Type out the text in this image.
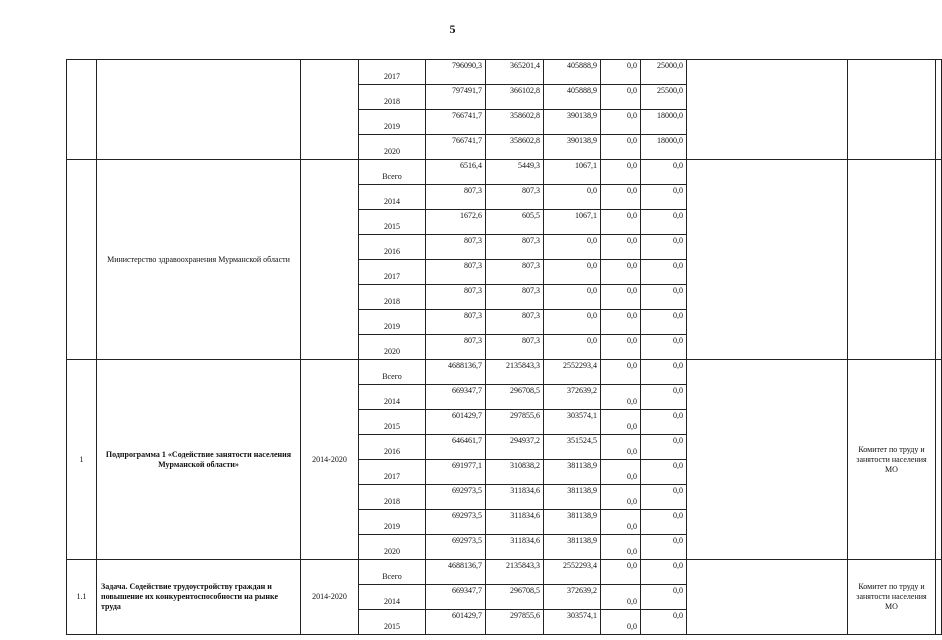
5
			2017	796090,3	365201,4	405888,9	0,0	25000,0			
			2018	797491,7	366102,8	405888,9	0,0	25500,0			
			2019	766741,7	358602,8	390138,9	0,0	18000,0			
			2020	766741,7	358602,8	390138,9	0,0	18000,0			
	Министерство здравоохранения Мурманской области		Всего	6516,4	5449,3	1067,1	0,0	0,0			
			2014	807,3	807,3	0,0	0,0	0,0			
			2015	1672,6	605,5	1067,1	0,0	0,0			
			2016	807,3	807,3	0,0	0,0	0,0			
			2017	807,3	807,3	0,0	0,0	0,0			
			2018	807,3	807,3	0,0	0,0	0,0			
			2019	807,3	807,3	0,0	0,0	0,0			
			2020	807,3	807,3	0,0	0,0	0,0			
1	Подпрограмма 1 «Содействие занятости населения Мурманской области»	2014-2020	Всего	4688136,7	2135843,3	2552293,4	0,0	0,0		Комитет по труду и занятости населения МО	
			2014	669347,7	296708,5	372639,2	0,0	0,0			
			2015	601429,7	297855,6	303574,1	0,0	0,0			
			2016	646461,7	294937,2	351524,5	0,0	0,0			
			2017	691977,1	310838,2	381138,9	0,0	0,0			
			2018	692973,5	311834,6	381138,9	0,0	0,0			
			2019	692973,5	311834,6	381138,9	0,0	0,0			
			2020	692973,5	311834,6	381138,9	0,0	0,0			
1.1	Задача. Содействие трудоустройству граждан и повышение их конкурентоспособности на рынке труда	2014-2020	Всего	4688136,7	2135843,3	2552293,4	0,0	0,0		Комитет по труду и занятости населения МО	
			2014	669347,7	296708,5	372639,2	0,0	0,0			
			2015	601429,7	297855,6	303574,1	0,0	0,0			
